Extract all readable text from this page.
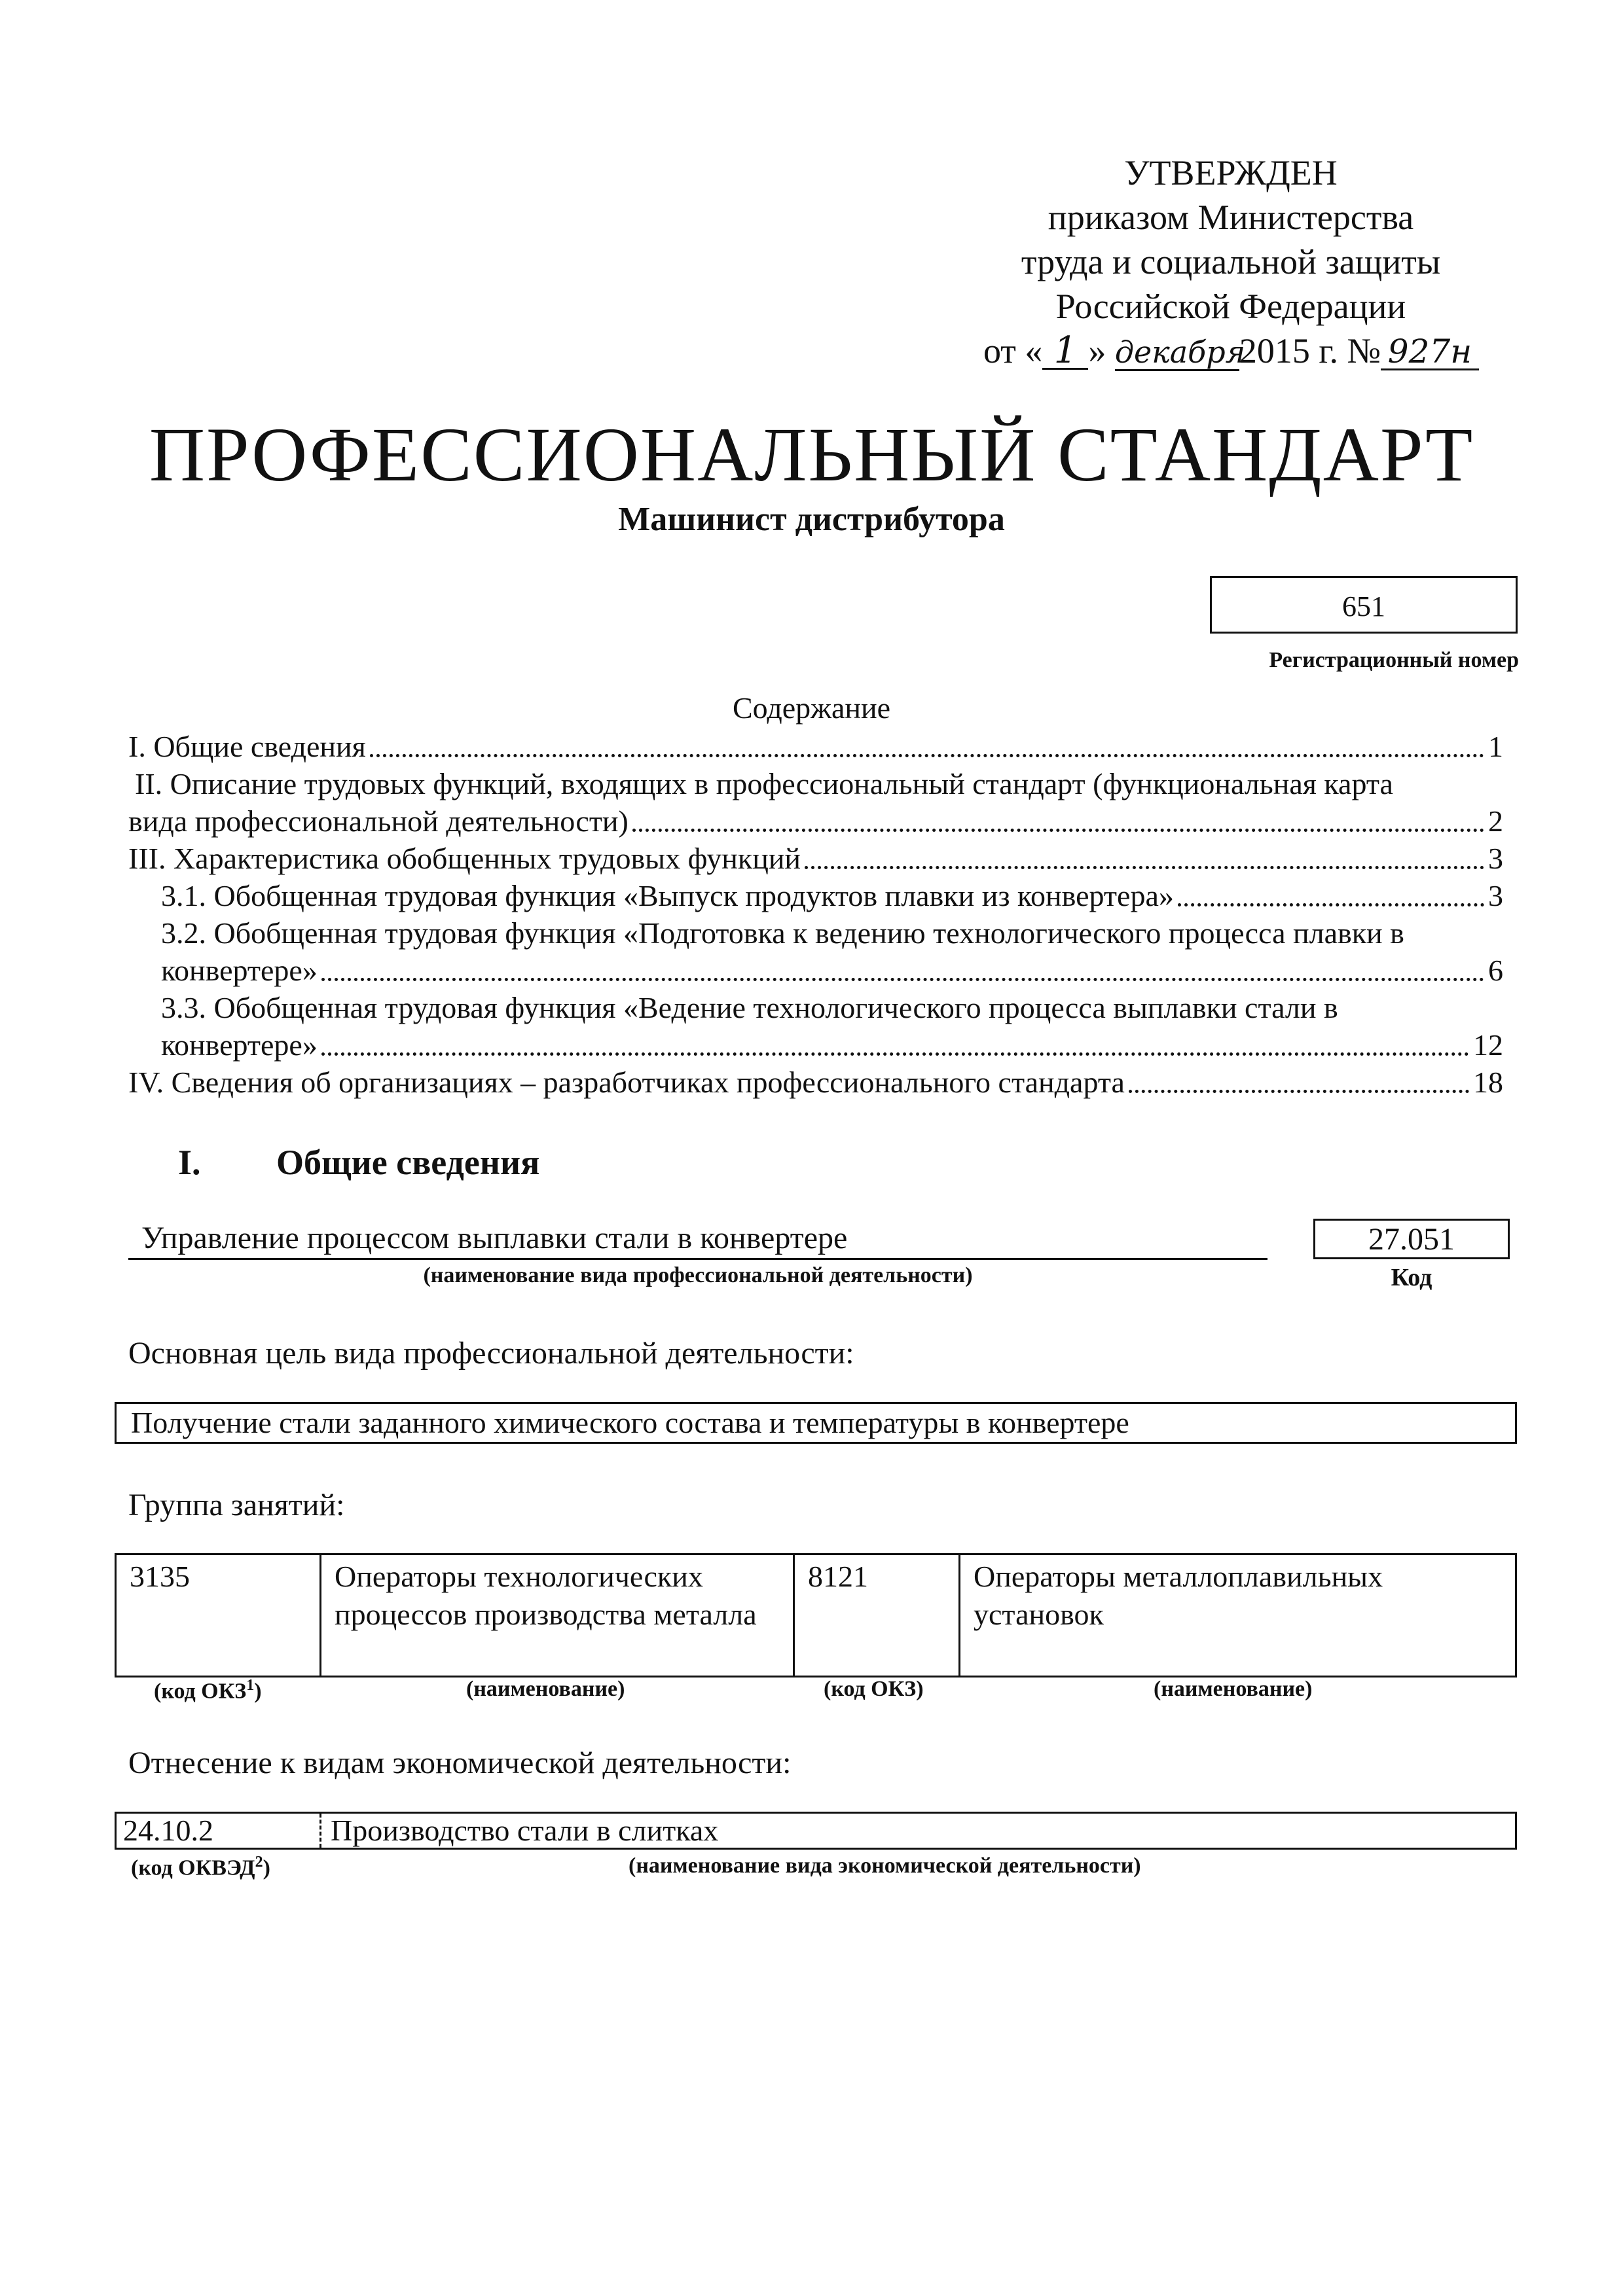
УТВЕРЖДЕН
приказом Министерства
труда и социальной защиты
Российской Федерации
от « 1 » декабря2015 г. № 927н
ПРОФЕССИОНАЛЬНЫЙ СТАНДАРТ
Машинист дистрибутора
651
Регистрационный номер
Содержание
I. Общие сведения	1
II. Описание трудовых функций, входящих в профессиональный стандарт (функциональная карта
вида профессиональной деятельности)	2
III. Характеристика обобщенных трудовых функций	3
3.1. Обобщенная трудовая функция «Выпуск продуктов плавки из конвертера»	3
3.2. Обобщенная трудовая функция «Подготовка к ведению технологического процесса плавки в
конвертере»	6
3.3. Обобщенная трудовая функция «Ведение технологического процесса выплавки стали в
конвертере»	12
IV. Сведения об организациях – разработчиках профессионального стандарта	18
I. Общие сведения
Управление процессом выплавки стали в конвертере
(наименование вида профессиональной деятельности)
27.051
Код
Основная цель вида профессиональной деятельности:
Получение стали заданного химического состава и температуры в конвертере
Группа занятий:
3135	Операторы технологических процессов производства металла	8121	Операторы металлоплавильных установок
(код ОКЗ$^1$)	(наименование)	(код ОКЗ)	(наименование)
Отнесение к видам экономической деятельности:
24.10.2	Производство стали в слитках
(код ОКВЭД$^2$)	(наименование вида экономической деятельности)
